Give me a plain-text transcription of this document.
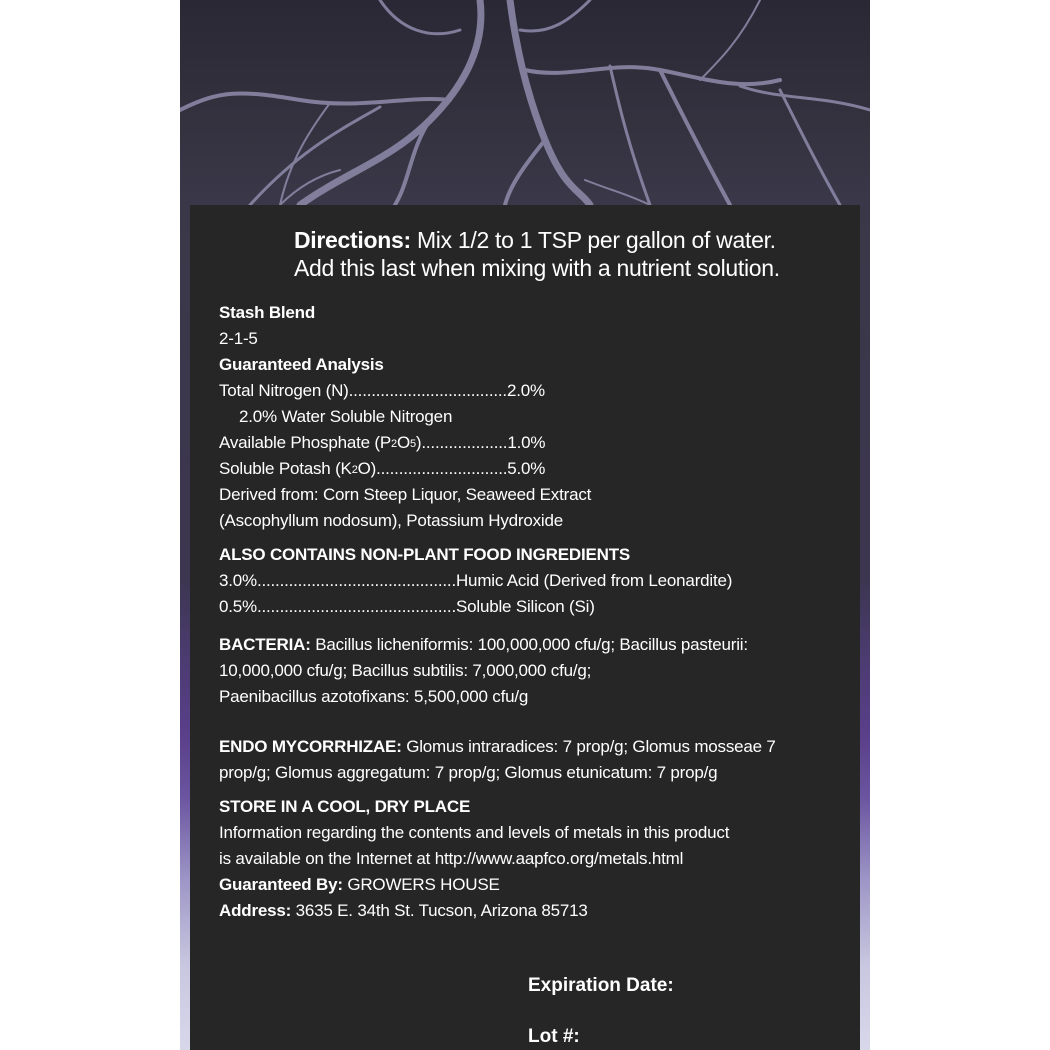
Directions: Mix 1/2 to 1 TSP per gallon of water.
Add this last when mixing with a nutrient solution.
Stash Blend
2-1-5
Guaranteed Analysis
Total Nitrogen (N) ................................... 2.0%
2.0% Water Soluble Nitrogen
Available Phosphate ($P_2$ $O_5$ ) ................... 1.0%
Soluble Potash ($K_2$ O) ............................. 5.0%
Derived from: Corn Steep Liquor, Seaweed Extract
(Ascophyllum nodosum), Potassium Hydroxide
ALSO CONTAINS NON-PLANT FOOD INGREDIENTS
3.0% ............................................ Humic Acid (Derived from Leonardite)
0.5% ............................................ Soluble Silicon (Si)
BACTERIA: Bacillus licheniformis: 100,000,000 cfu/g; Bacillus pasteurii:
10,000,000 cfu/g; Bacillus subtilis: 7,000,000 cfu/g;
Paenibacillus azotofixans: 5,500,000 cfu/g
ENDO MYCORRHIZAE: Glomus intraradices: 7 prop/g; Glomus mosseae 7
prop/g; Glomus aggregatum: 7 prop/g; Glomus etunicatum: 7 prop/g
STORE IN A COOL, DRY PLACE
Information regarding the contents and levels of metals in this product
is available on the Internet at http://www.aapfco.org/metals.html
Guaranteed By: GROWERS HOUSE
Address: 3635 E. 34th St. Tucson, Arizona 85713
Expiration Date:
Lot #:
